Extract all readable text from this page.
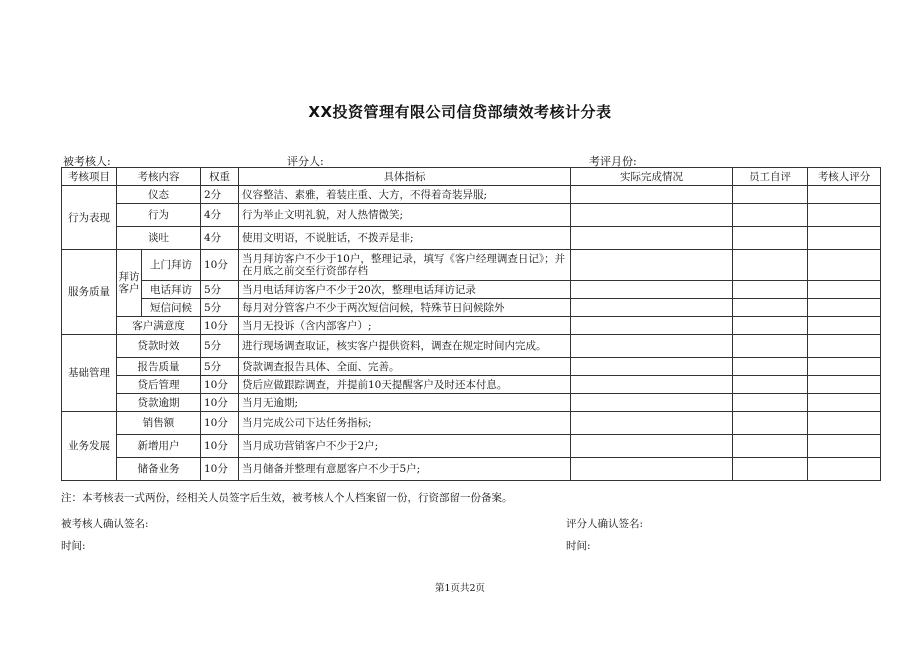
XX投资管理有限公司信贷部绩效考核计分表
被考核人:	评分人:	考评月份:
考核项目	考核内容		权重	具体指标	实际完成情况	员工自评	考核人评分
行为表现	仪态		2分	仪容整洁、素雅，着装庄重、大方，不得着奇装异服;			
	行为		4分	行为举止文明礼貌，对人热情微笑;			
	谈吐		4分	使用文明语，不说脏话，不拨弄是非;			
服务质量	拜访客户	上门拜访	10分	当月拜访客户不少于10户，整理记录，填写《客户经理调查日记》；并在月底之前交至行资部存档			
		电话拜访	5分	当月电话拜访客户不少于20次，整理电话拜访记录			
		短信问候	5分	每月对分管客户不少于两次短信问候，特殊节日问候除外			
	客户满意度		10分	当月无投诉（含内部客户）;			
基础管理	贷款时效		5分	进行现场调查取证，核实客户提供资料，调查在规定时间内完成。			
	报告质量		5分	贷款调查报告具体、全面、完善。			
	贷后管理		10分	贷后应做跟踪调查，并提前10天提醒客户及时还本付息。			
	贷款逾期		10分	当月无逾期;			
业务发展	销售额		10分	当月完成公司下达任务指标;			
	新增用户		10分	当月成功营销客户不少于2户;			
	储备业务		10分	当月储备并整理有意愿客户不少于5户;			
注：本考核表一式两份，经相关人员签字后生效，被考核人个人档案留一份，行资部留一份备案。
被考核人确认签名:	评分人确认签名:
时间:	时间:
第1页共2页
